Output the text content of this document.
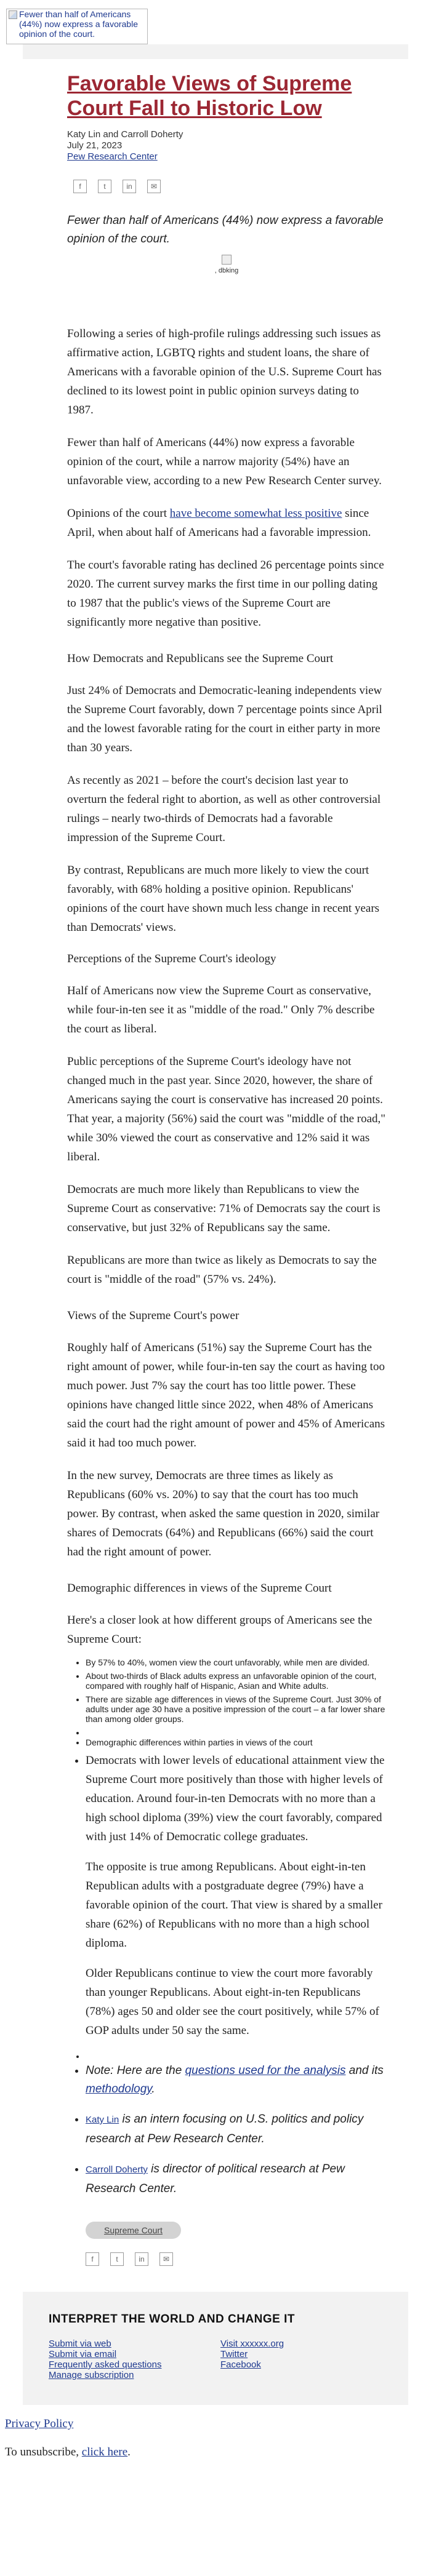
Fewer than half of Americans (44%) now express a favorable opinion of the court.
Favorable Views of Supreme Court Fall to Historic Low
Katy Lin and Carroll Doherty
July 21, 2023
Pew Research Center
f	t	in	✉

Fewer than half of Americans (44%) now express a favorable opinion of the court.

, dbking

Following a series of high-profile rulings addressing such issues as affirmative action, LGBTQ rights and student loans, the share of Americans with a favorable opinion of the U.S. Supreme Court has declined to its lowest point in public opinion surveys dating to 1987.

Fewer than half of Americans (44%) now express a favorable opinion of the court, while a narrow majority (54%) have an unfavorable view, according to a new Pew Research Center survey.

Opinions of the court have become somewhat less positive since April, when about half of Americans had a favorable impression.

The court's favorable rating has declined 26 percentage points since 2020. The current survey marks the first time in our polling dating to 1987 that the public's views of the Supreme Court are significantly more negative than positive.

How Democrats and Republicans see the Supreme Court

Just 24% of Democrats and Democratic-leaning independents view the Supreme Court favorably, down 7 percentage points since April and the lowest favorable rating for the court in either party in more than 30 years.

As recently as 2021 – before the court's decision last year to overturn the federal right to abortion, as well as other controversial rulings – nearly two-thirds of Democrats had a favorable impression of the Supreme Court.

By contrast, Republicans are much more likely to view the court favorably, with 68% holding a positive opinion. Republicans' opinions of the court have shown much less change in recent years than Democrats' views.

Perceptions of the Supreme Court's ideology

Half of Americans now view the Supreme Court as conservative, while four-in-ten see it as "middle of the road." Only 7% describe the court as liberal.

Public perceptions of the Supreme Court's ideology have not changed much in the past year. Since 2020, however, the share of Americans saying the court is conservative has increased 20 points. That year, a majority (56%) said the court was "middle of the road," while 30% viewed the court as conservative and 12% said it was liberal.

Democrats are much more likely than Republicans to view the Supreme Court as conservative: 71% of Democrats say the court is conservative, but just 32% of Republicans say the same.

Republicans are more than twice as likely as Democrats to say the court is "middle of the road" (57% vs. 24%).

Views of the Supreme Court's power

Roughly half of Americans (51%) say the Supreme Court has the right amount of power, while four-in-ten say the court as having too much power. Just 7% say the court has too little power. These opinions have changed little since 2022, when 48% of Americans said the court had the right amount of power and 45% of Americans said it had too much power.

In the new survey, Democrats are three times as likely as Republicans (60% vs. 20%) to say that the court has too much power. By contrast, when asked the same question in 2020, similar shares of Democrats (64%) and Republicans (66%) said the court had the right amount of power.

Demographic differences in views of the Supreme Court

Here's a closer look at how different groups of Americans see the Supreme Court:

• By 57% to 40%, women view the court unfavorably, while men are divided.
• About two-thirds of Black adults express an unfavorable opinion of the court, compared with roughly half of Hispanic, Asian and White adults.
• There are sizable age differences in views of the Supreme Court. Just 30% of adults under age 30 have a positive impression of the court – a far lower share than among older groups.
•
• Demographic differences within parties in views of the court

• Democrats with lower levels of educational attainment view the Supreme Court more positively than those with higher levels of education. Around four-in-ten Democrats with no more than a high school diploma (39%) view the court favorably, compared with just 14% of Democratic college graduates.

The opposite is true among Republicans. About eight-in-ten Republican adults with a postgraduate degree (79%) have a favorable opinion of the court. That view is shared by a smaller share (62%) of Republicans with no more than a high school diploma.

Older Republicans continue to view the court more favorably than younger Republicans. About eight-in-ten Republicans (78%) ages 50 and older see the court positively, while 57% of GOP adults under 50 say the same.

•
• Note: Here are the questions used for the analysis and its methodology.
• Katy Lin is an intern focusing on U.S. politics and policy research at Pew Research Center.
• Carroll Doherty is director of political research at Pew Research Center.
Supreme Court
f	t	in	✉
INTERPRET THE WORLD AND CHANGE IT
Submit via web
Submit via email
Frequently asked questions
Manage subscription
Visit xxxxxx.org
Twitter
Facebook
Privacy Policy
To unsubscribe, click here.
